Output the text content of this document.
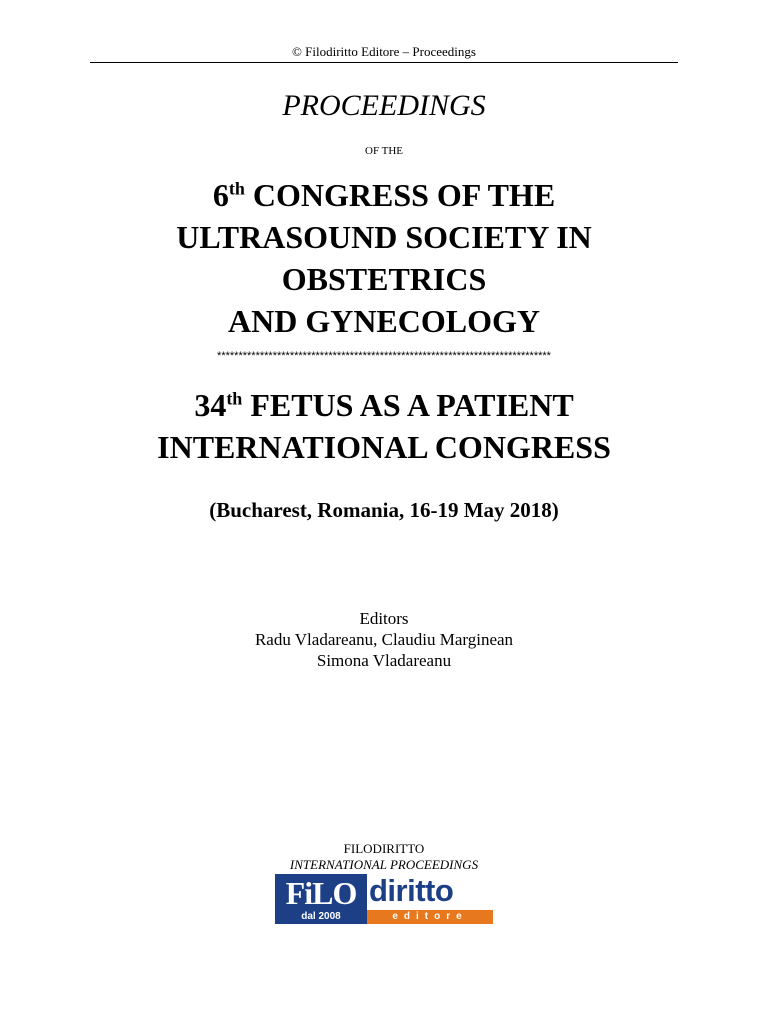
© Filodiritto Editore – Proceedings
PROCEEDINGS
OF THE
6th CONGRESS OF THE
ULTRASOUND SOCIETY IN
OBSTETRICS
AND GYNECOLOGY
******************************************************************************
34th FETUS AS A PATIENT
INTERNATIONAL CONGRESS
(Bucharest, Romania, 16-19 May 2018)
Editors
Radu Vladareanu, Claudiu Marginean
Simona Vladareanu
FILODIRITTO
INTERNATIONAL PROCEEDINGS
FiLO
dal 2008
diritto
editore
